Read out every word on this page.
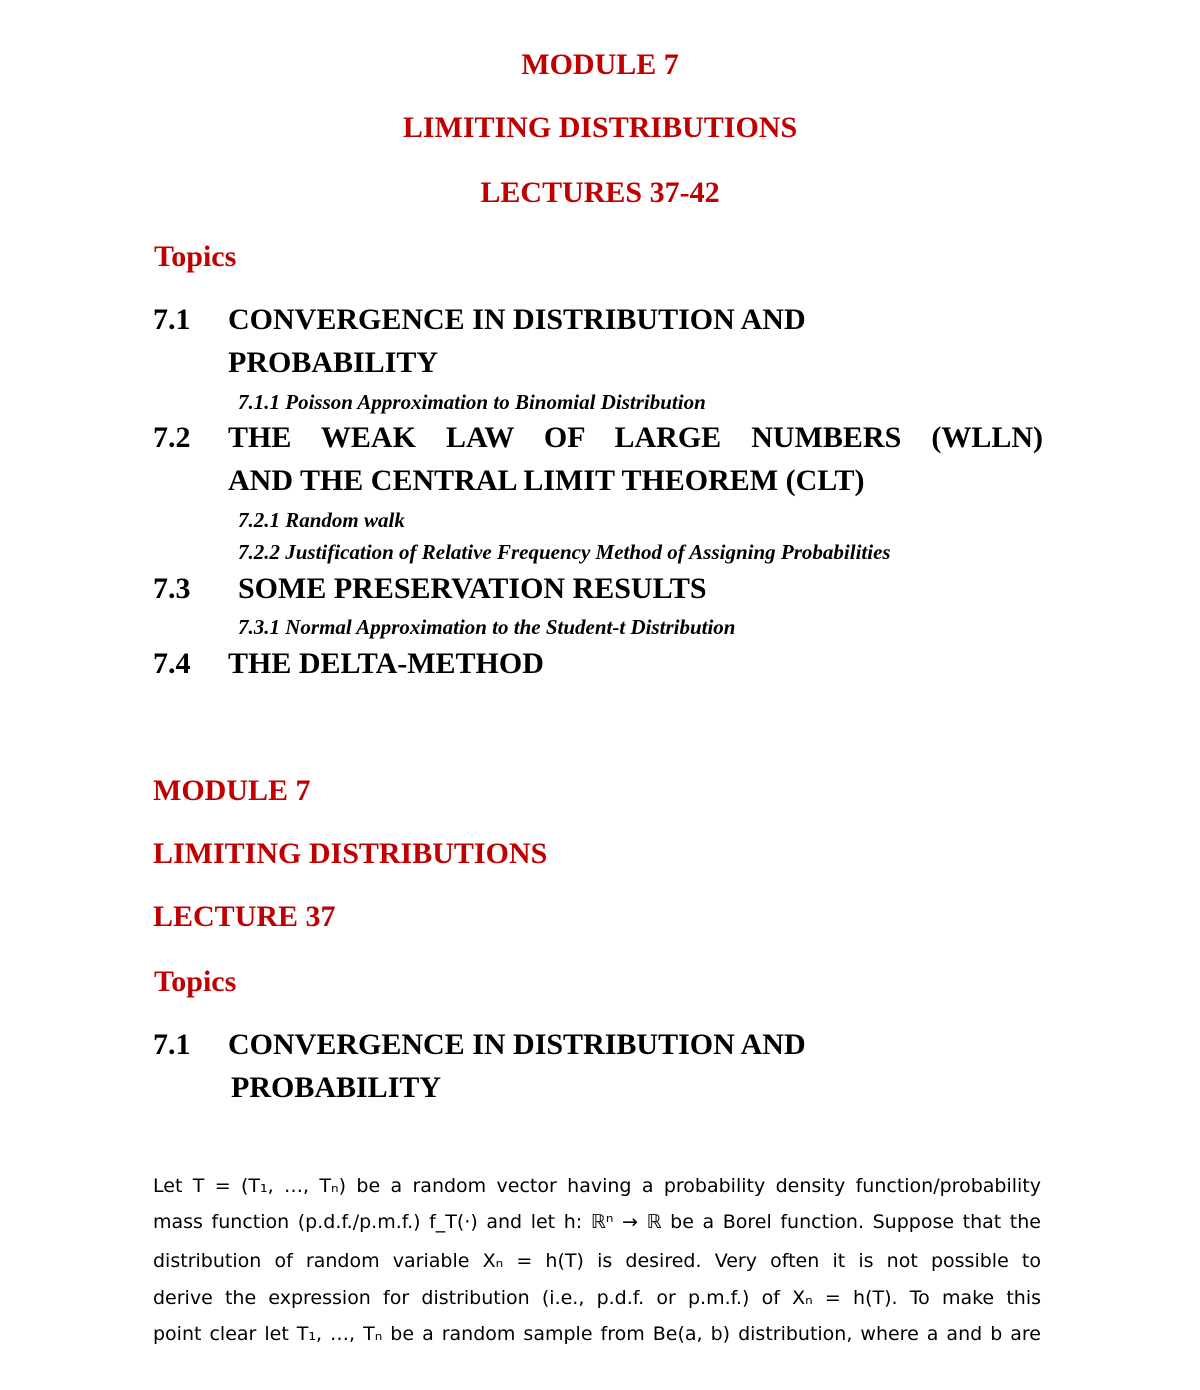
MODULE 7
LIMITING DISTRIBUTIONS
LECTURES 37-42
Topics
7.1 CONVERGENCE IN DISTRIBUTION AND
PROBABILITY
7.1.1 Poisson Approximation to Binomial Distribution
7.2 THE WEAK LAW OF LARGE NUMBERS (WLLN)
AND THE CENTRAL LIMIT THEOREM (CLT)
7.2.1 Random walk
7.2.2 Justification of Relative Frequency Method of Assigning Probabilities
7.3 SOME PRESERVATION RESULTS
7.3.1 Normal Approximation to the Student-t Distribution
7.4 THE DELTA-METHOD
MODULE 7
LIMITING DISTRIBUTIONS
LECTURE 37
Topics
7.1 CONVERGENCE IN DISTRIBUTION AND
PROBABILITY
Let T = (T₁, …, Tₙ) be a random vector having a probability density function/probability
mass function (p.d.f./p.m.f.) f_T(⋅) and let h: ℝⁿ → ℝ be a Borel function. Suppose that the
distribution of random variable Xₙ = h(T) is desired. Very often it is not possible to
derive the expression for distribution (i.e., p.d.f. or p.m.f.) of Xₙ = h(T). To make this
point clear let T₁, …, Tₙ be a random sample from Be(a, b) distribution, where a and b are
